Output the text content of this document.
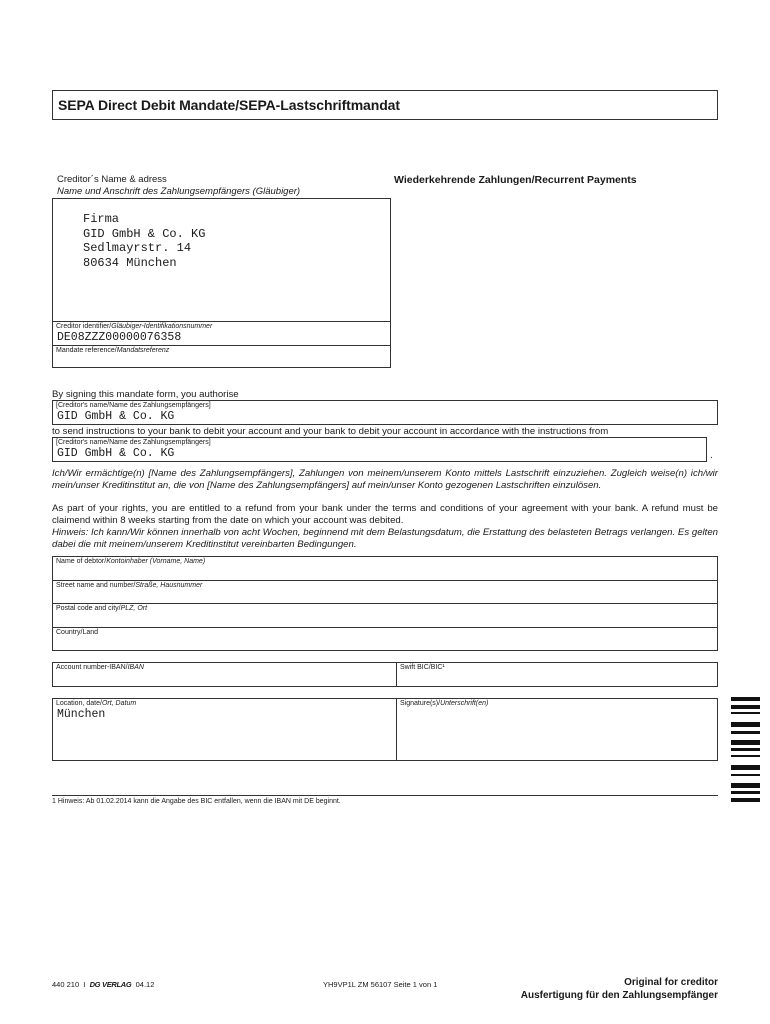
SEPA Direct Debit Mandate/SEPA-Lastschriftmandat
Creditor´s Name & adress
Name und Anschrift des Zahlungsempfängers (Gläubiger)
Wiederkehrende Zahlungen/Recurrent Payments
Firma
GID GmbH & Co. KG
Sedlmayrstr. 14
80634 München
Creditor identifier/Gläubiger-Identifikationsnummer
DE08ZZZ00000076358
Mandate reference/Mandatsreferenz
By signing this mandate form, you authorise
[Creditor's name/Name des Zahlungsempfängers]
GID GmbH & Co. KG
to send instructions to your bank to debit your account and your bank to debit your account in accordance with the instructions from
[Creditor's name/Name des Zahlungsempfängers]
GID GmbH & Co. KG	.
Ich/Wir ermächtige(n) [Name des Zahlungsempfängers], Zahlungen von meinem/unserem Konto mittels Lastschrift einzuziehen. Zugleich weise(n) ich/wir mein/unser Kreditinstitut an, die von [Name des Zahlungsempfängers] auf mein/unser Konto gezogenen Lastschriften einzulösen.
As part of your rights, you are entitled to a refund from your bank under the terms and conditions of your agreement with your bank. A refund must be claimend within 8 weeks starting from the date on which your account was debited.
Hinweis: Ich kann/Wir können innerhalb von acht Wochen, beginnend mit dem Belastungsdatum, die Erstattung des belasteten Betrags verlangen. Es gelten dabei die mit meinem/unserem Kreditinstitut vereinbarten Bedingungen.
Name of debtor/Kontoinhaber (Vorname, Name)
Street name and number/Straße, Hausnummer
Postal code and city/PLZ, Ort
Country/Land
Account number-IBAN/IBAN	Swift BIC/BIC¹
Location, date/Ort, Datum
München
Signature(s)/Unterschrift(en)
1 Hinweis: Ab 01.02.2014 kann die Angabe des BIC entfallen, wenn die IBAN mit DE beginnt.
440 210 I DG VERLAG 04.12	YH9VP1L ZM 56107 Seite 1 von 1	Original for creditor
Ausfertigung für den Zahlungsempfänger
